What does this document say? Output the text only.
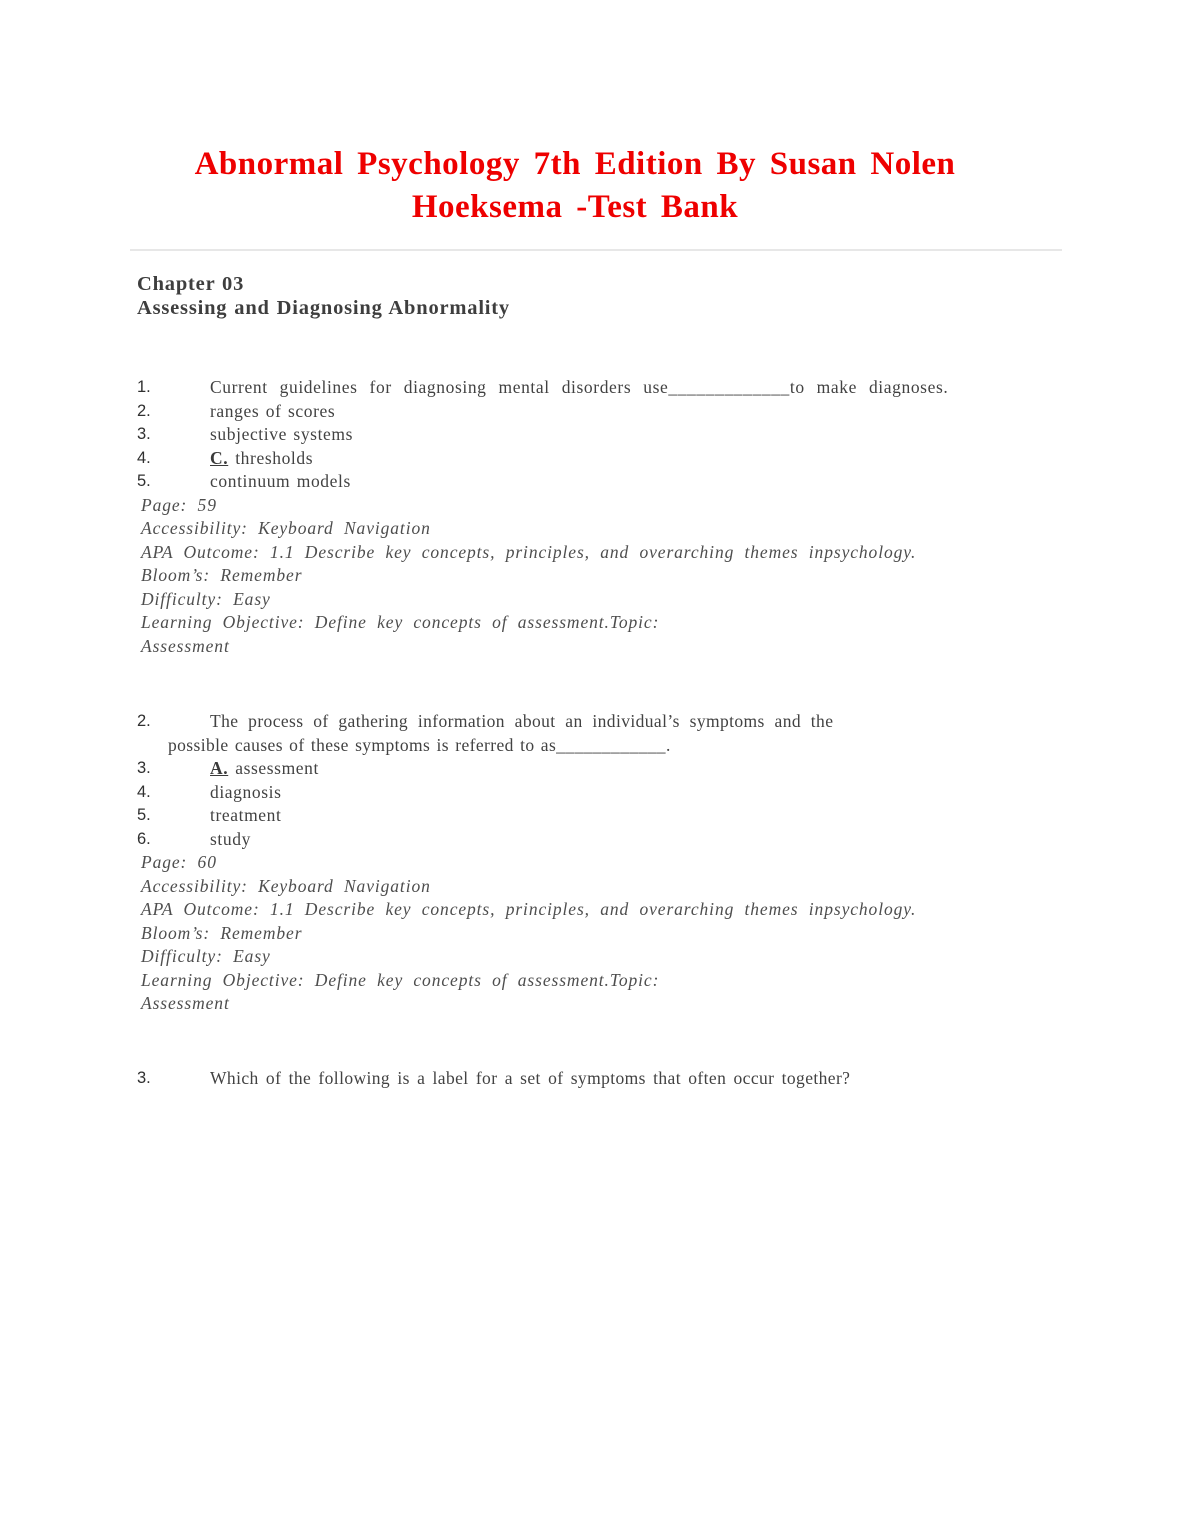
Abnormal Psychology 7th Edition By Susan Nolen
Hoeksema -Test Bank
Chapter 03
Assessing and Diagnosing Abnormality
1.	Current guidelines for diagnosing mental disorders use_____________to make diagnoses.
2.	ranges of scores
3.	subjective systems
4.	C. thresholds
5.	continuum models
Page: 59
Accessibility: Keyboard Navigation
APA Outcome: 1.1 Describe key concepts, principles, and overarching themes inpsychology.
Bloom’s: Remember
Difficulty: Easy
Learning Objective: Define key concepts of assessment.Topic:
Assessment
2.	The process of gathering information about an individual’s symptoms and the
possible causes of these symptoms is referred to as____________.
3.	A. assessment
4.	diagnosis
5.	treatment
6.	study
Page: 60
Accessibility: Keyboard Navigation
APA Outcome: 1.1 Describe key concepts, principles, and overarching themes inpsychology.
Bloom’s: Remember
Difficulty: Easy
Learning Objective: Define key concepts of assessment.Topic:
Assessment
3.	Which of the following is a label for a set of symptoms that often occur together?
